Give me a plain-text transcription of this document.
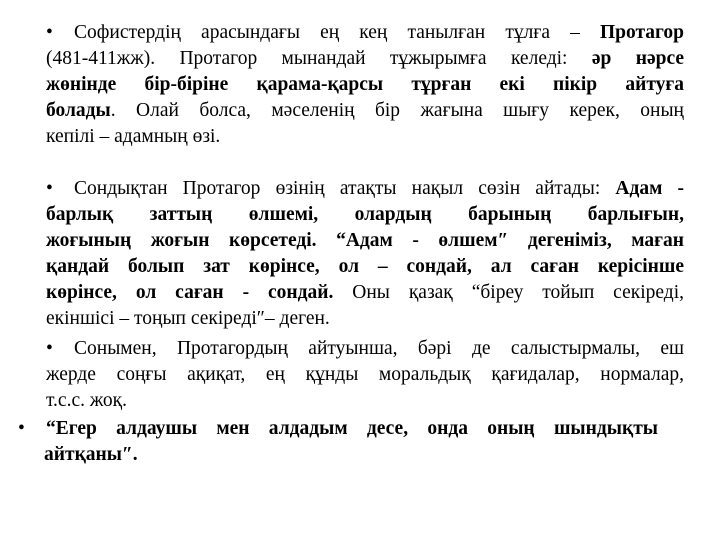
• Софистердің арасындағы ең кең танылған тұлға – Протагор
(481-411жж). Протагор мынандай тұжырымға келеді: әр нәрсе
жөнінде бір-біріне қарама-қарсы тұрған екі пікір айтуға
болады. Олай болса, мәселенің бір жағына шығу керек, оның
кепілі – адамның өзі.
• Сондықтан Протагор өзінің атақты нақыл сөзін айтады: Адам -
барлық заттың өлшемі, олардың барының барлығын,
жоғының жоғын көрсетеді. “Адам - өлшем″ дегеніміз, маған
қандай болып зат көрінсе, ол – сондай, ал саған керісінше
көрінсе, ол саған - сондай. Оны қазақ “біреу тойып секіреді,
екіншісі – тоңып секіреді″– деген.
• Сонымен, Протагордың айтуынша, бәрі де салыстырмалы, еш
жерде соңғы ақиқат, ең құнды моральдық қағидалар, нормалар,
т.с.с. жоқ.
• “Егер алдаушы мен алдадым десе, онда оның шындықты
айтқаны″.
